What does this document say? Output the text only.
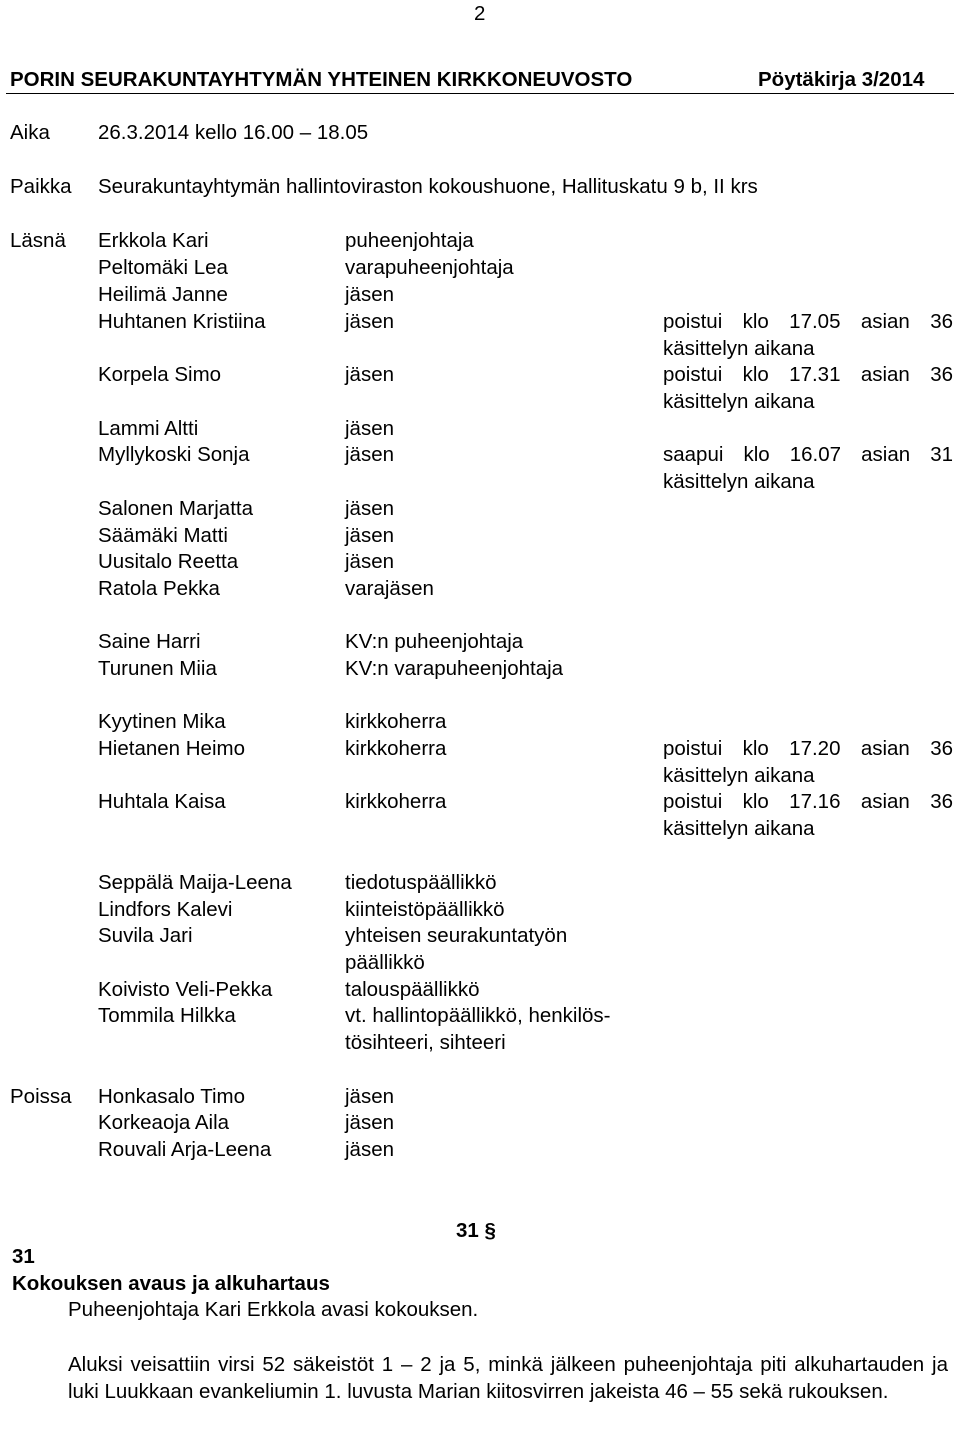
2
PORIN SEURAKUNTAYHTYMÄN YHTEINEN KIRKKONEUVOSTO	Pöytäkirja 3/2014
Aika 26.3.2014 kello 16.00 – 18.05
Paikka Seurakuntayhtymän hallintoviraston kokoushuone, Hallituskatu 9 b, II krs
Läsnä Erkkola Kari	puheenjohtaja
Peltomäki Lea	varapuheenjohtaja
Heilimä Janne	jäsen
Huhtanen Kristiina	jäsen	poistui klo 17.05 asian 36
käsittelyn aikana
Korpela Simo	jäsen	poistui klo 17.31 asian 36
käsittelyn aikana
Lammi Altti	jäsen
Myllykoski Sonja	jäsen	saapui klo 16.07 asian 31
käsittelyn aikana
Salonen Marjatta	jäsen
Säämäki Matti	jäsen
Uusitalo Reetta	jäsen
Ratola Pekka	varajäsen
Saine Harri	KV:n puheenjohtaja
Turunen Miia	KV:n varapuheenjohtaja
Kyytinen Mika	kirkkoherra
Hietanen Heimo	kirkkoherra	poistui klo 17.20 asian 36
käsittelyn aikana
Huhtala Kaisa	kirkkoherra	poistui klo 17.16 asian 36
käsittelyn aikana
Seppälä Maija-Leena	tiedotuspäällikkö
Lindfors Kalevi	kiinteistöpäällikkö
Suvila Jari	yhteisen seurakuntatyön
päällikkö
Koivisto Veli-Pekka	talouspäällikkö
Tommila Hilkka	vt. hallintopäällikkö, henkilös-
tösihteeri, sihteeri
Poissa Honkasalo Timo	jäsen
Korkeaoja Aila	jäsen
Rouvali Arja-Leena	jäsen
31 §
31
Kokouksen avaus ja alkuhartaus
Puheenjohtaja Kari Erkkola avasi kokouksen.
Aluksi veisattiin virsi 52 säkeistöt 1 – 2 ja 5, minkä jälkeen puheenjohtaja piti alkuhartauden ja luki Luukkaan evankeliumin 1. luvusta Marian kiitosvirren jakeista 46 – 55 sekä rukouksen.
